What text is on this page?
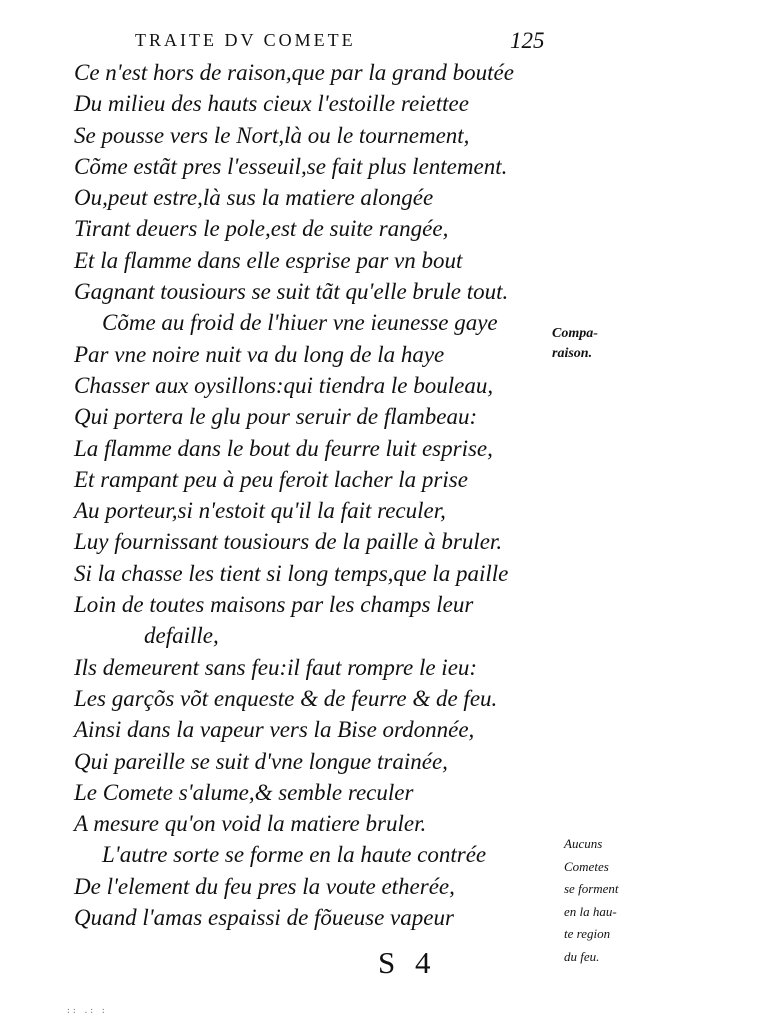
TRAITE DV COMETE	125
Ce n'est hors de raison,que par la grand boutée
Du milieu des hauts cieux l'estoille reiettee
Se pousse vers le Nort,là ou le tournement,
Cõme estãt pres l'esseuil,se fait plus lentement.
Ou,peut estre,là sus la matiere alongée
Tirant deuers le pole,est de suite rangée,
Et la flamme dans elle esprise par vn bout
Gagnant tousiours se suit tãt qu'elle brule tout.
Cõme au froid de l'hiuer vne ieunesse gaye
Par vne noire nuit va du long de la haye
Chasser aux oysillons:qui tiendra le bouleau,
Qui portera le glu pour seruir de flambeau:
La flamme dans le bout du feurre luit esprise,
Et rampant peu à peu feroit lacher la prise
Au porteur,si n'estoit qu'il la fait reculer,
Luy fournissant tousiours de la paille à bruler.
Si la chasse les tient si long temps,que la paille
Loin de toutes maisons par les champs leur
defaille,
Ils demeurent sans feu:il faut rompre le ieu:
Les garçõs võt enqueste & de feurre & de feu.
Ainsi dans la vapeur vers la Bise ordonnée,
Qui pareille se suit d'vne longue trainée,
Le Comete s'alume,& semble reculer
A mesure qu'on void la matiere bruler.
L'autre sorte se forme en la haute contrée
De l'element du feu pres la voute etherée,
Quand l'amas espaissi de fõueuse vapeur
Compa-
raison.
Aucuns
Cometes
se forment
en la hau-
te region
du feu.
S 4
:: .: :
